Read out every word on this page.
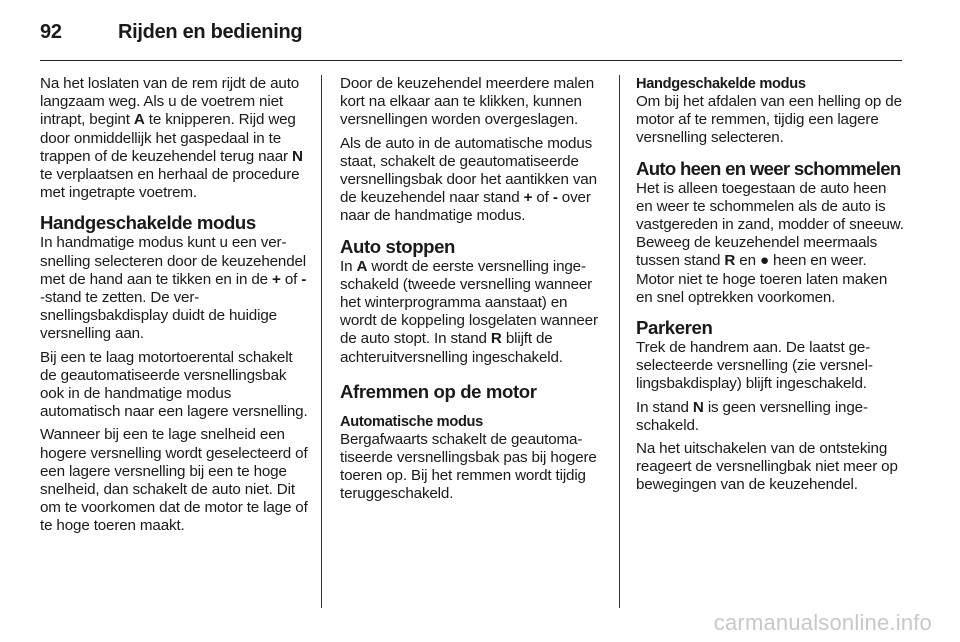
92	Rijden en bediening

Na het loslaten van de rem rijdt de auto langzaam weg. Als u de voetrem niet intrapt, begint A te knipperen. Rijd weg door onmiddellijk het gaspedaal in te trappen of de keuzehendel terug naar N te verplaatsen en herhaal de procedure met ingetrapte voetrem.

Handgeschakelde modus

In handmatige modus kunt u een versnelling selecteren door de keuzehendel met de hand aan te tikken en in de + of --stand te zetten. De versnellingsbakdisplay duidt de huidige versnelling aan.

Bij een te laag motortoerental schakelt de geautomatiseerde versnellingsbak ook in de handmatige modus automatisch naar een lagere versnelling.

Wanneer bij een te lage snelheid een hogere versnelling wordt geselecteerd of een lagere versnelling bij een te hoge snelheid, dan schakelt de auto niet. Dit om te voorkomen dat de motor te lage of te hoge toeren maakt.

Door de keuzehendel meerdere malen kort na elkaar aan te klikken, kunnen versnellingen worden overgeslagen.

Als de auto in de automatische modus staat, schakelt de geautomatiseerde versnellingsbak door het aantikken van de keuzehendel naar stand + of - over naar de handmatige modus.

Auto stoppen

In A wordt de eerste versnelling ingeschakeld (tweede versnelling wanneer het winterprogramma aanstaat) en wordt de koppeling losgelaten wanneer de auto stopt. In stand R blijft de achteruitversnelling ingeschakeld.

Afremmen op de motor
Automatische modus

Bergafwaarts schakelt de geautomatiseerde versnellingsbak pas bij hogere toeren op. Bij het remmen wordt tijdig teruggeschakeld.

Handgeschakelde modus

Om bij het afdalen van een helling op de motor af te remmen, tijdig een lagere versnelling selecteren.

Auto heen en weer schommelen

Het is alleen toegestaan de auto heen en weer te schommelen als de auto is vastgereden in zand, modder of sneeuw. Beweeg de keuzehendel meermaals tussen stand R en ● heen en weer. Motor niet te hoge toeren laten maken en snel optrekken voorkomen.

Parkeren

Trek de handrem aan. De laatst geselecteerde versnelling (zie versnellingsbakdisplay) blijft ingeschakeld.

In stand N is geen versnelling ingeschakeld.

Na het uitschakelen van de ontsteking reageert de versnellingbak niet meer op bewegingen van de keuzehendel.

carmanualsonline.info
